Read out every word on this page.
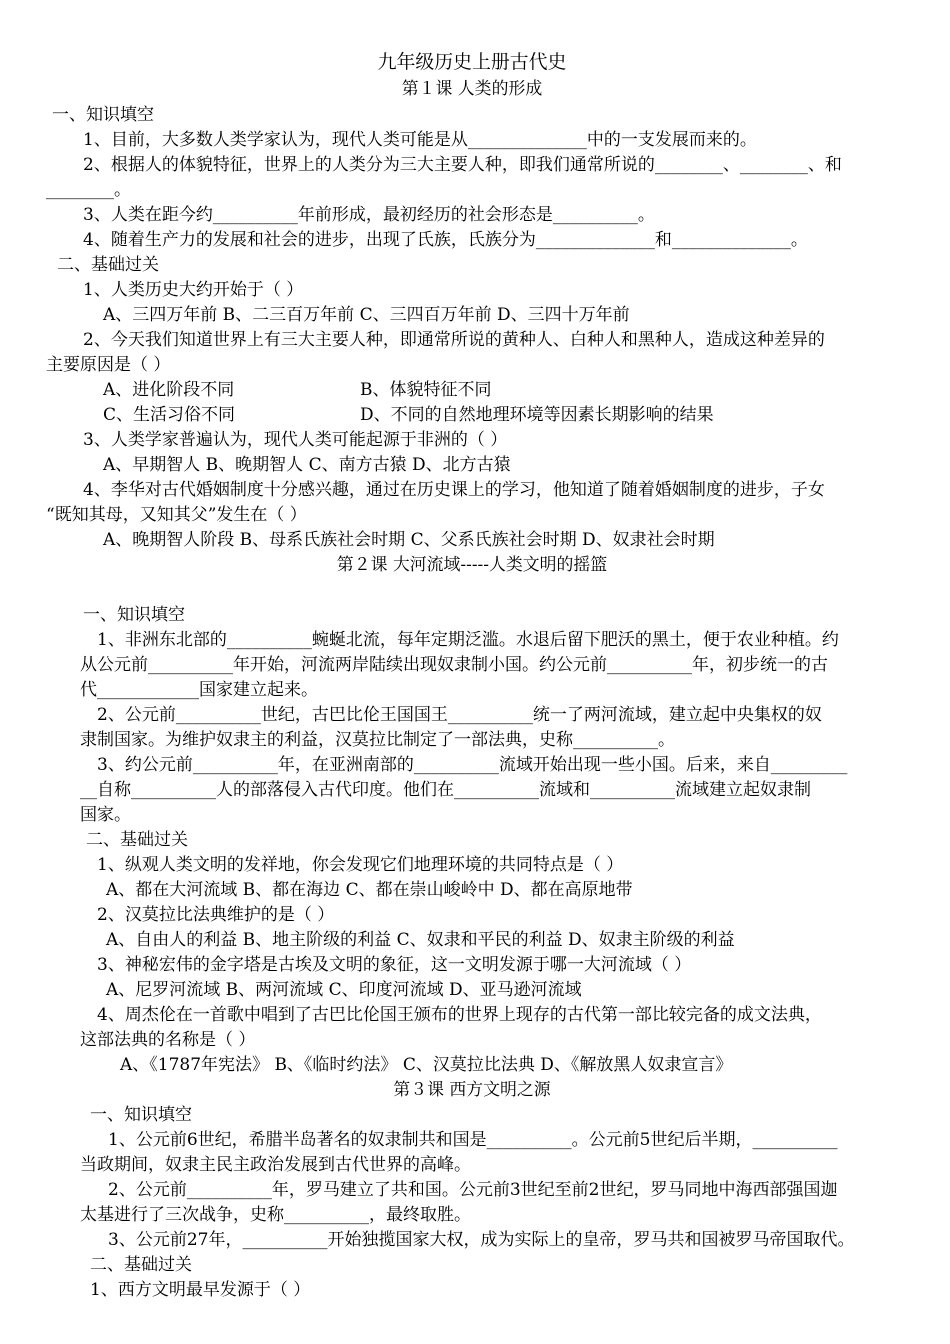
九年级历史上册古代史
第１课 人类的形成
一、知识填空
1、目前，大多数人类学家认为，现代人类可能是从______________中的一支发展而来的。
2、根据人的体貌特征，世界上的人类分为三大主要人种，即我们通常所说的________、________、和
________。
3、人类在距今约__________年前形成，最初经历的社会形态是__________。
4、随着生产力的发展和社会的进步，出现了氏族，氏族分为______________和______________。
二、基础过关
1、人类历史大约开始于（ ）
A、三四万年前 B、二三百万年前 C、三四百万年前 D、三四十万年前
2、今天我们知道世界上有三大主要人种，即通常所说的黄种人、白种人和黑种人，造成这种差异的
主要原因是（ ）
A、进化阶段不同	B、体貌特征不同
C、生活习俗不同	D、不同的自然地理环境等因素长期影响的结果
3、人类学家普遍认为，现代人类可能起源于非洲的（ ）
A、早期智人 B、晚期智人 C、南方古猿 D、北方古猿
4、李华对古代婚姻制度十分感兴趣，通过在历史课上的学习，他知道了随着婚姻制度的进步，子女
“既知其母，又知其父”发生在（ ）
A、晚期智人阶段 B、母系氏族社会时期 C、父系氏族社会时期 D、奴隶社会时期
第２课 大河流域-----人类文明的摇篮
一、知识填空
1、非洲东北部的__________蜿蜒北流，每年定期泛滥。水退后留下肥沃的黑土，便于农业种植。约
从公元前__________年开始，河流两岸陆续出现奴隶制小国。约公元前__________年，初步统一的古
代____________国家建立起来。
2、公元前__________世纪，古巴比伦王国国王__________统一了两河流域，建立起中央集权的奴
隶制国家。为维护奴隶主的利益，汉莫拉比制定了一部法典，史称__________。
3、约公元前__________年，在亚洲南部的__________流域开始出现一些小国。后来，来自_________
__自称__________人的部落侵入古代印度。他们在__________流域和__________流域建立起奴隶制
国家。
二、基础过关
1、纵观人类文明的发祥地，你会发现它们地理环境的共同特点是（ ）
A、都在大河流域 B、都在海边 C、都在崇山峻岭中 D、都在高原地带
2、汉莫拉比法典维护的是（ ）
A、自由人的利益 B、地主阶级的利益 C、奴隶和平民的利益 D、奴隶主阶级的利益
3、神秘宏伟的金字塔是古埃及文明的象征，这一文明发源于哪一大河流域（ ）
A、尼罗河流域 B、两河流域 C、印度河流域 D、亚马逊河流域
4、周杰伦在一首歌中唱到了古巴比伦国王颁布的世界上现存的古代第一部比较完备的成文法典，
这部法典的名称是（ ）
A、《1787年宪法》 B、《临时约法》 C、汉莫拉比法典 D、《解放黑人奴隶宣言》
第３课 西方文明之源
一、知识填空
1、公元前6世纪，希腊半岛著名的奴隶制共和国是__________。公元前5世纪后半期，__________
当政期间，奴隶主民主政治发展到古代世界的高峰。
2、公元前__________年，罗马建立了共和国。公元前3世纪至前2世纪，罗马同地中海西部强国迦
太基进行了三次战争，史称__________，最终取胜。
3、公元前27年，__________开始独揽国家大权，成为实际上的皇帝，罗马共和国被罗马帝国取代。
二、基础过关
1、西方文明最早发源于（ ）
